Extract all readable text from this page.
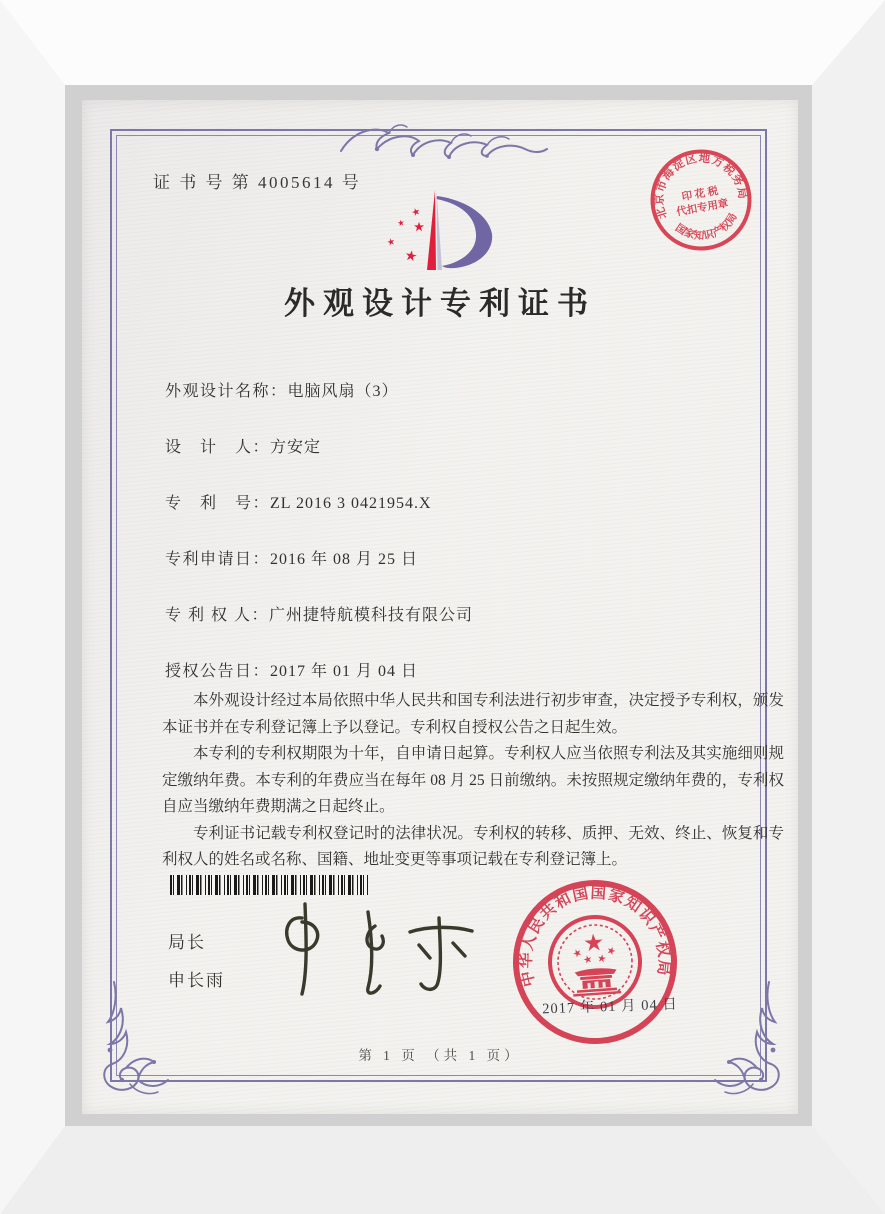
证 书 号 第 4005614 号
外观设计专利证书
外观设计名称：电脑风扇（3）
设　计　人：方安定
专　利　号：ZL 2016 3 0421954.X
专利申请日：2016 年 08 月 25 日
专 利 权 人：广州捷特航模科技有限公司
授权公告日：2017 年 01 月 04 日

本外观设计经过本局依照中华人民共和国专利法进行初步审查，决定授予专利权，颁发本证书并在专利登记簿上予以登记。专利权自授权公告之日起生效。

本专利的专利权期限为十年，自申请日起算。专利权人应当依照专利法及其实施细则规定缴纳年费。本专利的年费应当在每年 08 月 25 日前缴纳。未按照规定缴纳年费的，专利权自应当缴纳年费期满之日起终止。

专利证书记载专利权登记时的法律状况。专利权的转移、质押、无效、终止、恢复和专利权人的姓名或名称、国籍、地址变更等事项记载在专利登记簿上。

局长
申长雨	中华人民共和国国家知识产权局
2017 年 01 月 04 日
第 1 页 （共 1 页）
北京市海淀区地方税务局
国家知识产权局
印 花 税
代扣专用章
